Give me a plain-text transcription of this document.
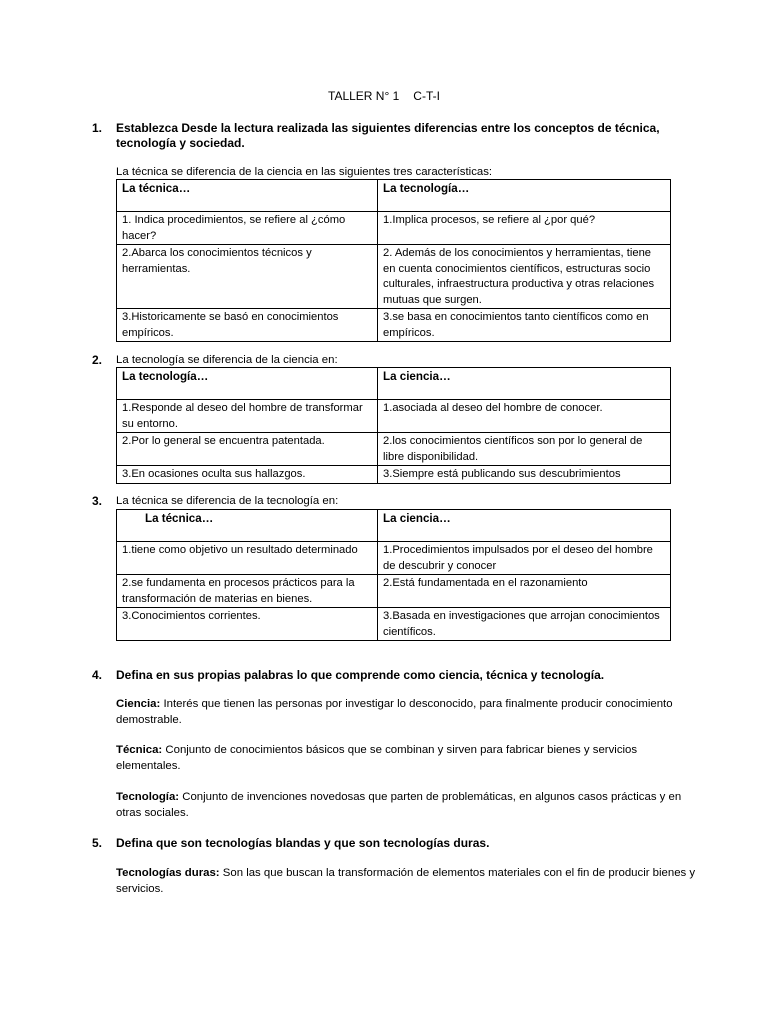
TALLER N° 1 C-T-I
1. Establezca Desde la lectura realizada las siguientes diferencias entre los conceptos de técnica, tecnología y sociedad.
La técnica se diferencia de la ciencia en las siguientes tres características:
La técnica…	La tecnología…
1. Indica procedimientos, se refiere al ¿cómo hacer?	1.Implica procesos, se refiere al ¿por qué?
2.Abarca los conocimientos técnicos y herramientas.	2. Además de los conocimientos y herramientas, tiene en cuenta conocimientos científicos, estructuras socio culturales, infraestructura productiva y otras relaciones mutuas que surgen.
3.Historicamente se basó en conocimientos empíricos.	3.se basa en conocimientos tanto científicos como en empíricos.
2. La tecnología se diferencia de la ciencia en:
La tecnología…	La ciencia…
1.Responde al deseo del hombre de transformar su entorno.	1.asociada al deseo del hombre de conocer.
2.Por lo general se encuentra patentada.	2.los conocimientos científicos son por lo general de libre disponibilidad.
3.En ocasiones oculta sus hallazgos.	3.Siempre está publicando sus descubrimientos
3. La técnica se diferencia de la tecnología en:
La técnica…	La ciencia…
1.tiene como objetivo un resultado determinado	1.Procedimientos impulsados por el deseo del hombre de descubrir y conocer
2.se fundamenta en procesos prácticos para la transformación de materias en bienes.	2.Está fundamentada en el razonamiento
3.Conocimientos corrientes.	3.Basada en investigaciones que arrojan conocimientos científicos.
4. Defina en sus propias palabras lo que comprende como ciencia, técnica y tecnología.
Ciencia: Interés que tienen las personas por investigar lo desconocido, para finalmente producir conocimiento demostrable.
Técnica: Conjunto de conocimientos básicos que se combinan y sirven para fabricar bienes y servicios elementales.
Tecnología: Conjunto de invenciones novedosas que parten de problemáticas, en algunos casos prácticas y en otras sociales.
5. Defina que son tecnologías blandas y que son tecnologías duras.
Tecnologías duras: Son las que buscan la transformación de elementos materiales con el fin de producir bienes y servicios.
